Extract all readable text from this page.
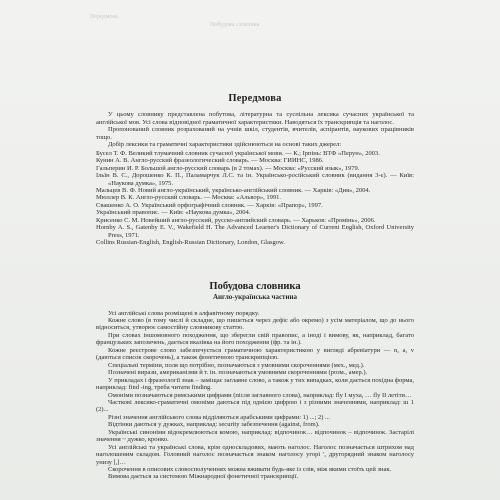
Передмова
Побудова словника
Передмова

У цьому словнику представлена побутова, літературна та суспільна лексика сучасних української та англійської мов. Усі слова відповідної граматичної характеристики. Наводяться їх транскрипція та наголос.

Пропонований словник розрахований на учнів шкіл, студентів, вчителів, аспірантів, наукових працівників тощо.

Добір лексики та граматичні характеристики здійснюються на основі таких джерел:

Бусел Т. Ф. Великий тлумачний словник сучасної української мови. — К.; Ірпінь: ВТФ «Перун», 2003.

Кунин А. В. Англо-русский фразеологический словарь. — Москва: ГИИНС, 1986.

Гальперин И. Р. Большой англо-русский словарь (в 2 томах). — Москва: «Русский язык», 1979.

Ільїн В. С., Дорошенко К. П., Паламарчук Л.С. та ін. Українсько-російський словник (видання 3-є). — Київ: «Наукова думка», 1975.

Мальцев В. Ф. Новий англо-український, українсько-англійський словник. — Харків: «Дия», 2004.

Мюллер В. К. Англо-русский словарь. — Москва: «Альвор», 1991.

Свашенко А. О. Український орфографічний словник. — Харків: «Прапор», 1997.

Український правопис. — Київ: «Наукова думка», 2004.

Крисенко С. М. Новейший англо-русский, русско-английский словарь. — Харьков: «Промінь», 2006.

Hornby A. S., Gatenby E. V., Wakefield H. The Advanced Learner's Dictionary of Current English, Oxford University Press, 1971.

Collins Russian-English, English-Russian Dictionary, London, Glasgow.

Побудова словника
Англо-українська частина

Усі англійські слова розміщені в алфавітному порядку.

Кожне слово (в тому числі й складне, що пишеться через дефіс або окремо) з усім матеріалом, що до нього відноситься, утворює самостійну словникову статтю.

При словах іншомовного походження, що зберегли свій правопис, а іноді і вимову, як, наприклад, багато французьких запозичень, дається вказівка на його походження (фр. та ін.).

Кожне реєстрове слово забезпечується граматичною характеристикою у вигляді абревіатури — n, a, v (даються список скорочень), а також фонетичною транскрипцією.

Спеціальні терміни, поля що потрібно, позначаються з умовними скороченнями (мех., мед.).

Позначені вирази, американізми й т. ін. позначаються умовними скороченнями (розм., амер.).

У прикладах і фразеології знак – заміщає заглавне слово, а також у тих випадках, коли дається похідна форма, наприклад: find -ing, треба читати finding.

Омоніми позначаються римськими цифрами (після заглавного слова), наприклад: fly I муха, … fly II летіти…

Частковi лексико-граматичні омоніми даються під однією цифрою і з різними значеннями, наприклад: ш 1 (2)...

Різні значення англійського слова відділяються арабськими цифрами: 1) ...; 2) ...

Відтінки даються у дужках, наприклад: security забезпечення (against, from).

Українські синоніми відокремлюються комою, наприклад: відпочинок… відпочинок – відпочинок. Застарілі значення ~ дужко, кронко.

Усі англійські та українські слова, крім односкладових, мають наголос. Наголос позначається штрихом над наголошеним складом. Головний наголос позначається знаком наголосу угорі ', другорядний знаком наголосу унизу [,]…

Скорочення в описових словосполученнях можна вживати будь-яке із слів, між якими стоїть цей знак.

Вимова дається за системою Міжнародної фонетичної транскрипції.
